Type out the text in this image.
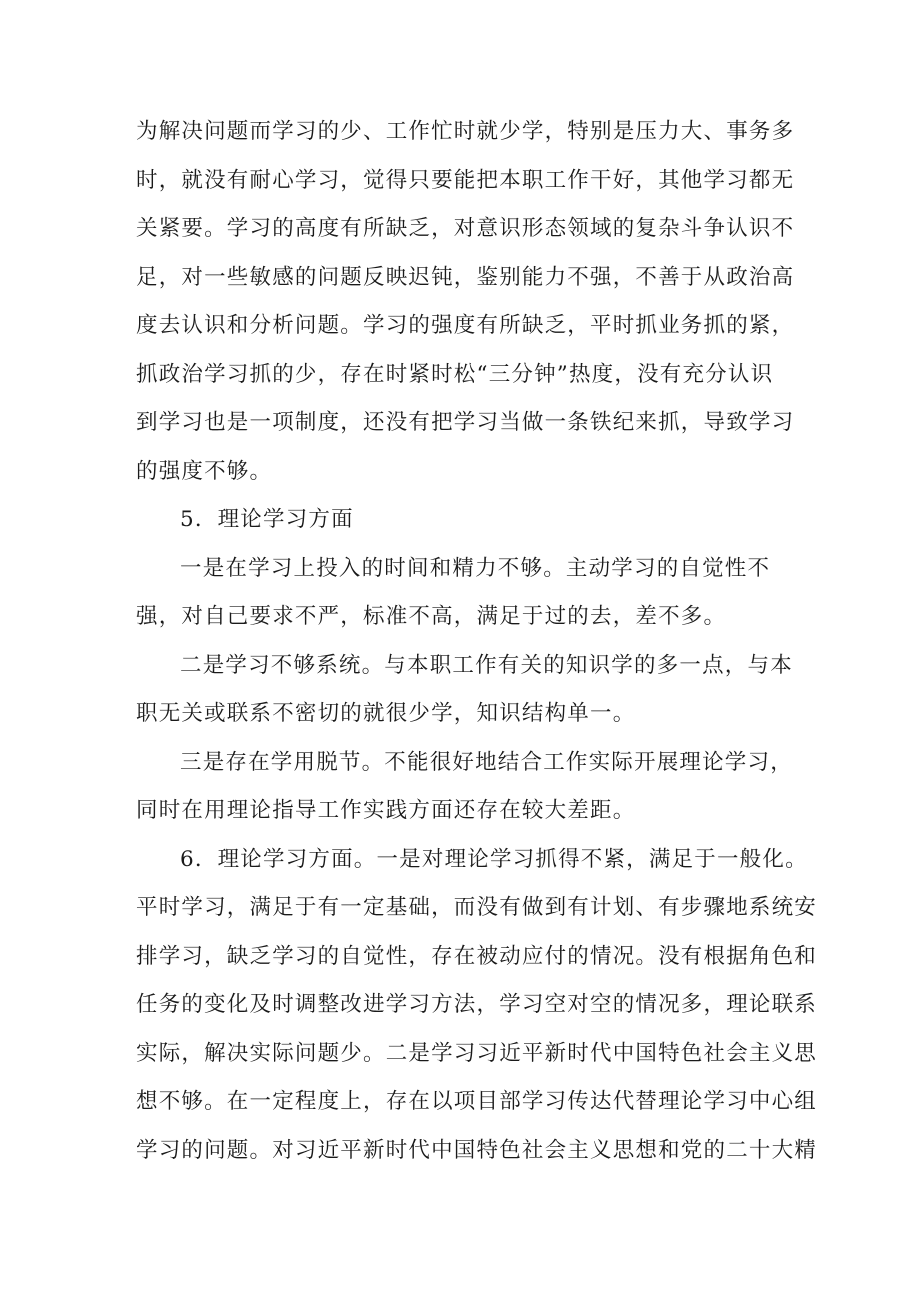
为解决问题而学习的少、工作忙时就少学，特别是压力大、事务多
时，就没有耐心学习，觉得只要能把本职工作干好，其他学习都无
关紧要。学习的高度有所缺乏，对意识形态领域的复杂斗争认识不
足，对一些敏感的问题反映迟钝，鉴别能力不强，不善于从政治高
度去认识和分析问题。学习的强度有所缺乏，平时抓业务抓的紧，
抓政治学习抓的少，存在时紧时松“三分钟”热度，没有充分认识
到学习也是一项制度，还没有把学习当做一条铁纪来抓，导致学习
的强度不够。
5．理论学习方面
一是在学习上投入的时间和精力不够。主动学习的自觉性不
强，对自己要求不严，标准不高，满足于过的去，差不多。
二是学习不够系统。与本职工作有关的知识学的多一点，与本
职无关或联系不密切的就很少学，知识结构单一。
三是存在学用脱节。不能很好地结合工作实际开展理论学习，
同时在用理论指导工作实践方面还存在较大差距。
6．理论学习方面。一是对理论学习抓得不紧，满足于一般化。
平时学习，满足于有一定基础，而没有做到有计划、有步骤地系统安
排学习，缺乏学习的自觉性，存在被动应付的情况。没有根据角色和
任务的变化及时调整改进学习方法，学习空对空的情况多，理论联系
实际，解决实际问题少。二是学习习近平新时代中国特色社会主义思
想不够。在一定程度上，存在以项目部学习传达代替理论学习中心组
学习的问题。对习近平新时代中国特色社会主义思想和党的二十大精
